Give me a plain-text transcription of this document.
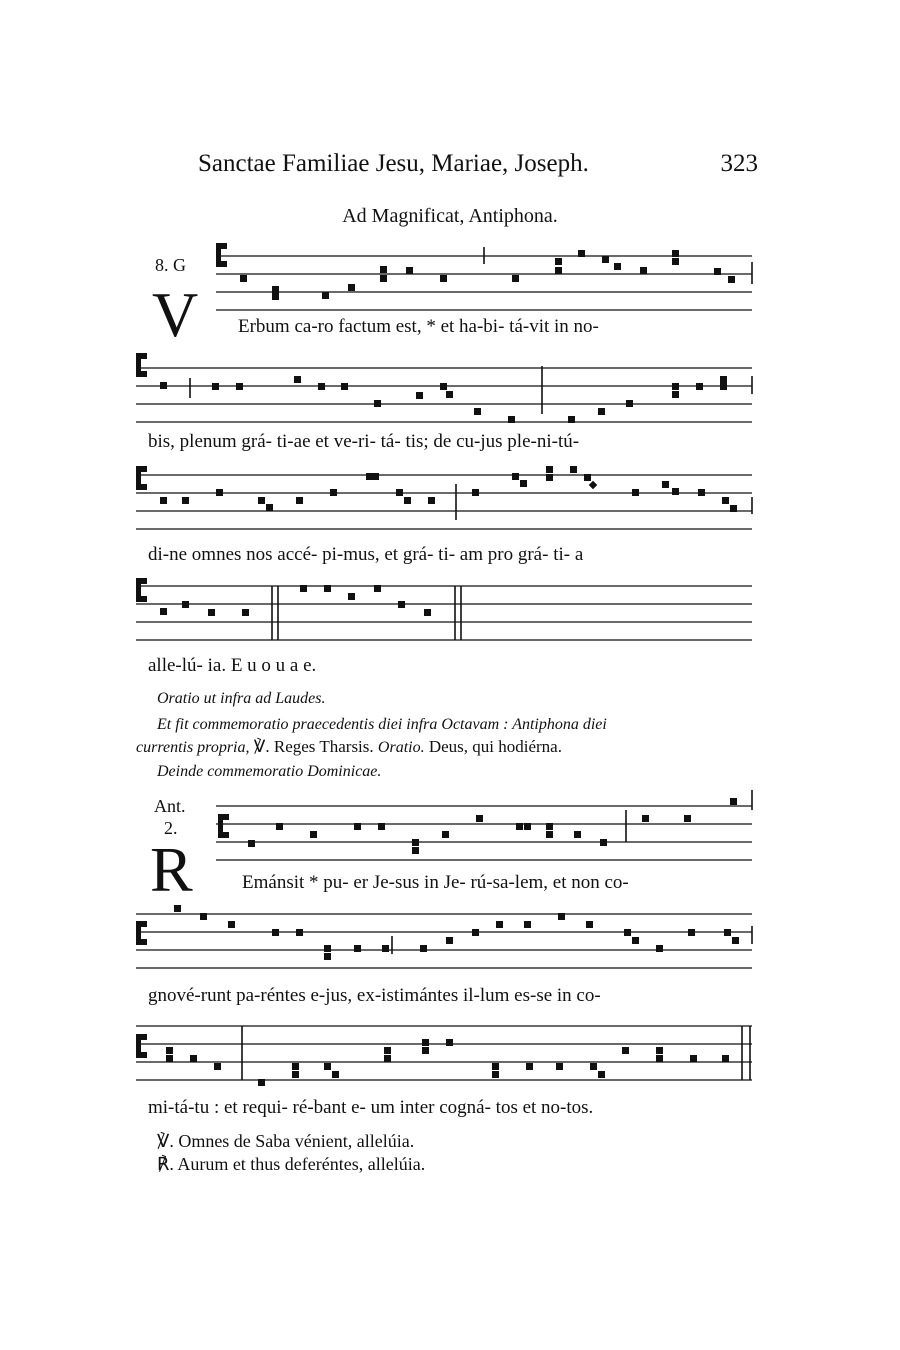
Sanctae Familiae Jesu, Mariae, Joseph.	323
Ad Magnificat, Antiphona.
8. G
V Erbum ca-ro factum est, * et ha-bi- tá-vit in no-
bis, plenum grá- ti-ae et ve-ri- tá- tis; de cu-jus ple-ni-tú-
di-ne omnes nos accé- pi-mus, et grá- ti- am pro grá- ti- a
alle-lú- ia. E u o u a e.
Oratio ut infra ad Laudes.
Et fit commemoratio praecedentis diei infra Octavam : Antiphona diei
currentis propria, ℣. Reges Tharsis. Oratio. Deus, qui hodiérna.
Deinde commemoratio Dominicae.
Ant.
2.
R	Emánsit * pu- er Je-sus in Je- rú-sa-lem, et non co-
gnové-runt pa-réntes e-jus, ex-istimántes il-lum es-se in co-
mi-tá-tu : et requi- ré-bant e- um inter cogná- tos et no-tos.
℣. Omnes de Saba vénient, allelúia.
℟. Aurum et thus deferéntes, allelúia.
